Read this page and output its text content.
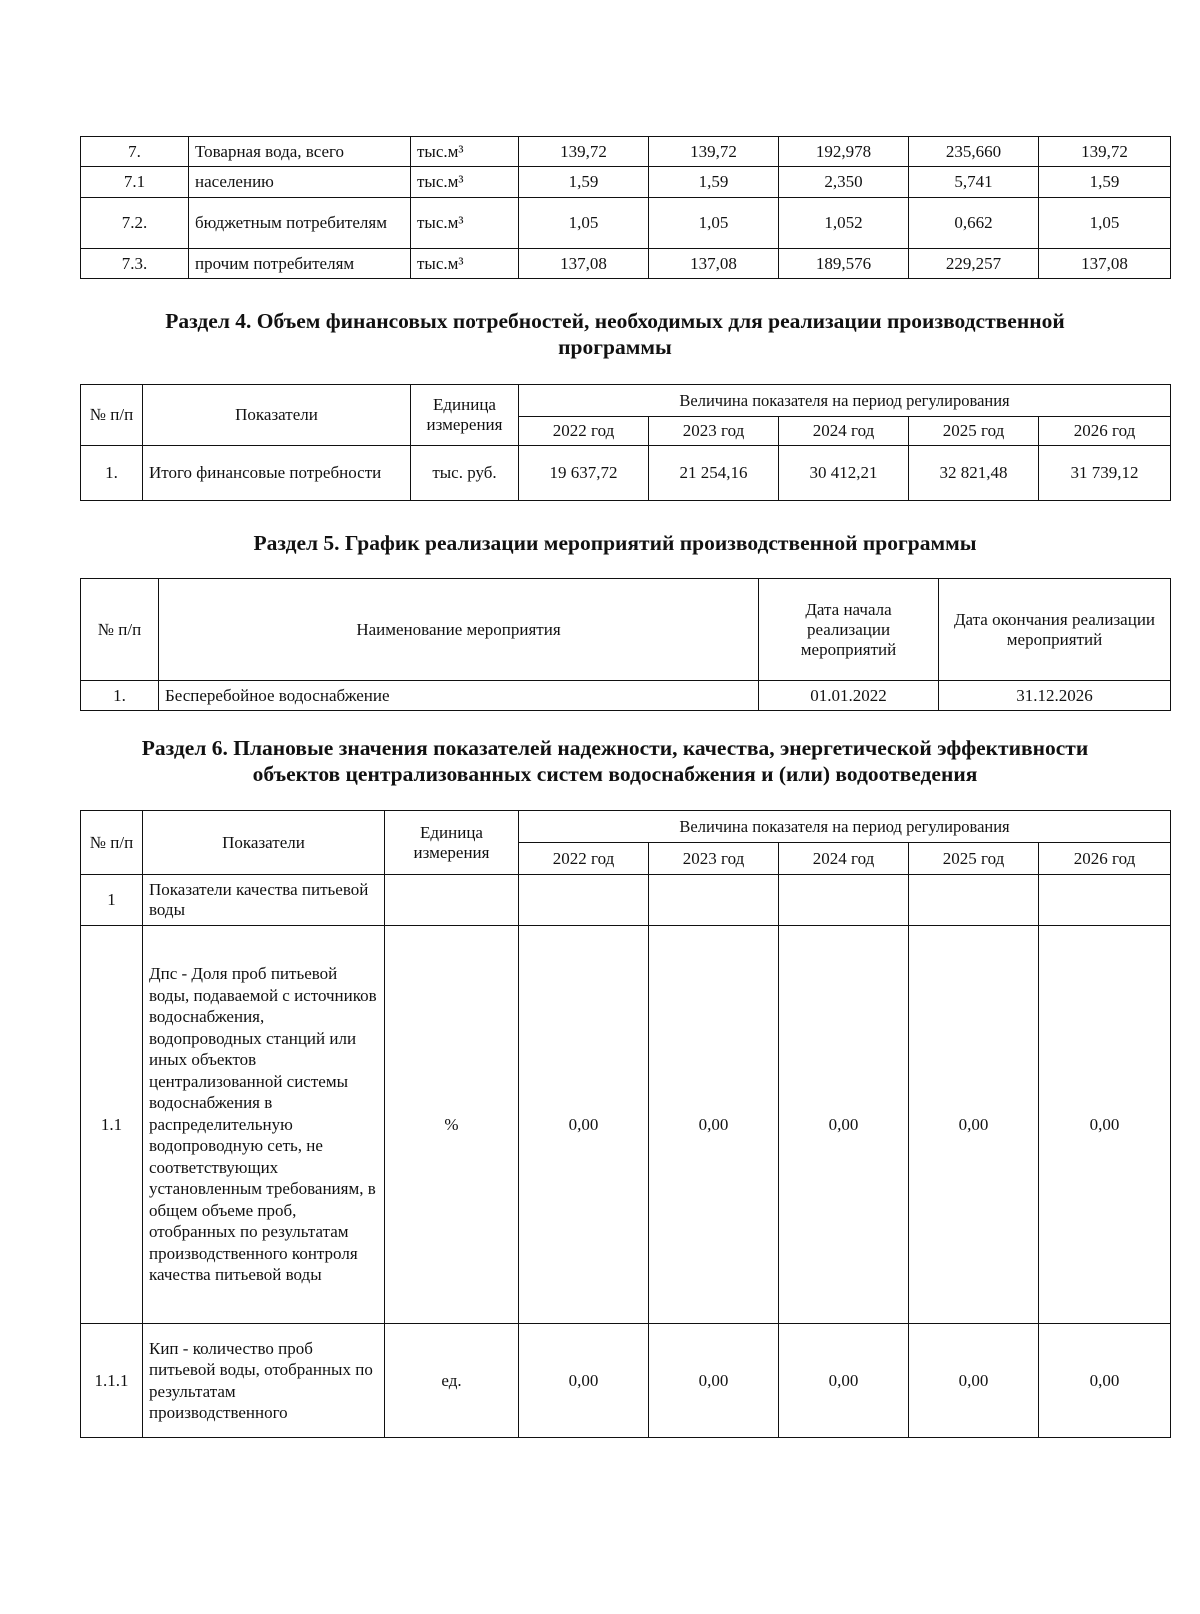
7.	Товарная вода, всего	тыс.м³	139,72	139,72	192,978	235,660	139,72
7.1	населению	тыс.м³	1,59	1,59	2,350	5,741	1,59
7.2.	бюджетным потребителям	тыс.м³	1,05	1,05	1,052	0,662	1,05
7.3.	прочим потребителям	тыс.м³	137,08	137,08	189,576	229,257	137,08
Раздел 4. Объем финансовых потребностей, необходимых для реализации производственной
программы
№ п/п	Показатели	Единица измерения	Величина показателя на период регулирования				
			2022 год	2023 год	2024 год	2025 год	2026 год
1.	Итого финансовые потребности	тыс. руб.	19 637,72	21 254,16	30 412,21	32 821,48	31 739,12
Раздел 5. График реализации мероприятий производственной программы
№ п/п	Наименование мероприятия	Дата начала реализации мероприятий	Дата окончания реализации мероприятий
1.	Бесперебойное водоснабжение	01.01.2022	31.12.2026
Раздел 6. Плановые значения показателей надежности, качества, энергетической эффективности
объектов централизованных систем водоснабжения и (или) водоотведения
№ п/п	Показатели	Единица измерения	Величина показателя на период регулирования				
			2022 год	2023 год	2024 год	2025 год	2026 год
1	Показатели качества питьевой воды						
1.1	Дпс - Доля проб питьевой воды, подаваемой с источников водоснабжения, водопроводных станций или иных объектов централизованной системы водоснабжения в распределительную водопроводную сеть, не соответствующих установленным требованиям, в общем объеме проб, отобранных по результатам производственного контроля качества питьевой воды	%	0,00	0,00	0,00	0,00	0,00
1.1.1	Кип - количество проб питьевой воды, отобранных по результатам производственного	ед.	0,00	0,00	0,00	0,00	0,00
